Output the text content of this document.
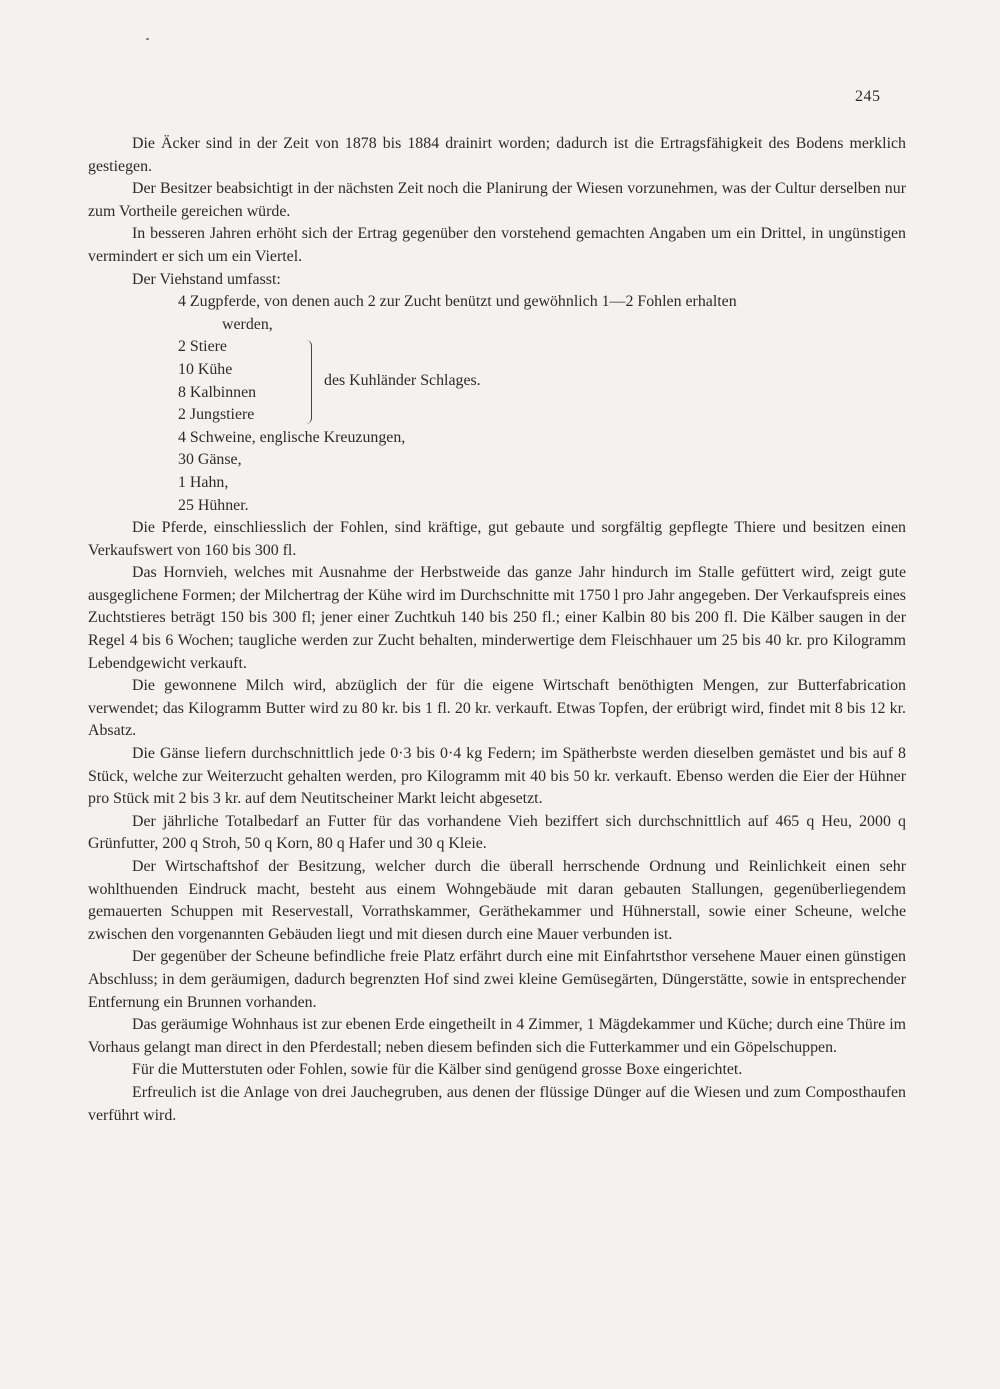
245

Die Äcker sind in der Zeit von 1878 bis 1884 drainirt worden; dadurch ist die Ertragsfähigkeit des Bodens merklich gestiegen.

Der Besitzer beabsichtigt in der nächsten Zeit noch die Planirung der Wiesen vorzunehmen, was der Cultur derselben nur zum Vortheile gereichen würde.

In besseren Jahren erhöht sich der Ertrag gegenüber den vorstehend gemachten Angaben um ein Drittel, in ungünstigen vermindert er sich um ein Viertel.

Der Viehstand umfasst:

4 Zugpferde, von denen auch 2 zur Zucht benützt und gewöhnlich 1—2 Fohlen erhalten
werden,
2 Stiere
10 Kühe
8 Kalbinnen
2 Jungstiere
des Kuhländer Schlages.
4 Schweine, englische Kreuzungen,
30 Gänse,
1 Hahn,
25 Hühner.

Die Pferde, einschliesslich der Fohlen, sind kräftige, gut gebaute und sorgfältig gepflegte Thiere und besitzen einen Verkaufswert von 160 bis 300 fl.

Das Hornvieh, welches mit Ausnahme der Herbstweide das ganze Jahr hindurch im Stalle gefüttert wird, zeigt gute ausgeglichene Formen; der Milchertrag der Kühe wird im Durchschnitte mit 1750 l pro Jahr angegeben. Der Verkaufspreis eines Zuchtstieres beträgt 150 bis 300 fl; jener einer Zuchtkuh 140 bis 250 fl.; einer Kalbin 80 bis 200 fl. Die Kälber saugen in der Regel 4 bis 6 Wochen; taugliche werden zur Zucht behalten, minderwertige dem Fleischhauer um 25 bis 40 kr. pro Kilogramm Lebendgewicht verkauft.

Die gewonnene Milch wird, abzüglich der für die eigene Wirtschaft benöthigten Mengen, zur Butterfabrication verwendet; das Kilogramm Butter wird zu 80 kr. bis 1 fl. 20 kr. verkauft. Etwas Topfen, der erübrigt wird, findet mit 8 bis 12 kr. Absatz.

Die Gänse liefern durchschnittlich jede 0·3 bis 0·4 kg Federn; im Spätherbste werden dieselben gemästet und bis auf 8 Stück, welche zur Weiterzucht gehalten werden, pro Kilogramm mit 40 bis 50 kr. verkauft. Ebenso werden die Eier der Hühner pro Stück mit 2 bis 3 kr. auf dem Neutitscheiner Markt leicht abgesetzt.

Der jährliche Totalbedarf an Futter für das vorhandene Vieh beziffert sich durchschnittlich auf 465 q Heu, 2000 q Grünfutter, 200 q Stroh, 50 q Korn, 80 q Hafer und 30 q Kleie.

Der Wirtschaftshof der Besitzung, welcher durch die überall herrschende Ordnung und Reinlichkeit einen sehr wohlthuenden Eindruck macht, besteht aus einem Wohngebäude mit daran gebauten Stallungen, gegenüberliegendem gemauerten Schuppen mit Reservestall, Vorrathskammer, Geräthekammer und Hühnerstall, sowie einer Scheune, welche zwischen den vorgenannten Gebäuden liegt und mit diesen durch eine Mauer verbunden ist.

Der gegenüber der Scheune befindliche freie Platz erfährt durch eine mit Einfahrtsthor versehene Mauer einen günstigen Abschluss; in dem geräumigen, dadurch begrenzten Hof sind zwei kleine Gemüsegärten, Düngerstätte, sowie in entsprechender Entfernung ein Brunnen vorhanden.

Das geräumige Wohnhaus ist zur ebenen Erde eingetheilt in 4 Zimmer, 1 Mägdekammer und Küche; durch eine Thüre im Vorhaus gelangt man direct in den Pferdestall; neben diesem befinden sich die Futterkammer und ein Göpelschuppen.

Für die Mutterstuten oder Fohlen, sowie für die Kälber sind genügend grosse Boxe eingerichtet.

Erfreulich ist die Anlage von drei Jauchegruben, aus denen der flüssige Dünger auf die Wiesen und zum Composthaufen verführt wird.
